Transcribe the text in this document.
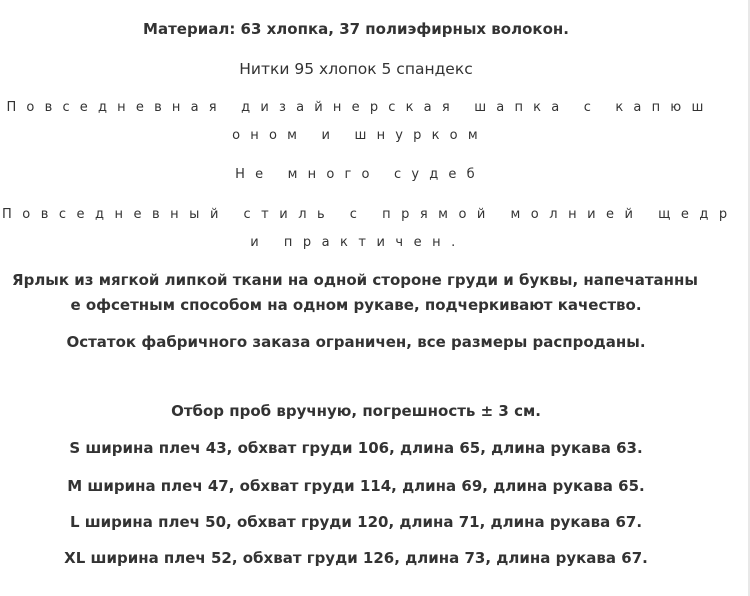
Материал: 63 хлопка, 37 полиэфирных волокон.
Нитки 95 хлопок 5 спандекс
Повседневная дизайнерская шапка с капюш
оном и шнурком
Не много судеб
Повседневный стиль с прямой молнией щедр
и практичен.
Ярлык из мягкой липкой ткани на одной стороне груди и буквы, напечатанны
е офсетным способом на одном рукаве, подчеркивают качество.
Остаток фабричного заказа ограничен, все размеры распроданы.
Отбор проб вручную, погрешность ± 3 см.
S ширина плеч 43, обхват груди 106, длина 65, длина рукава 63.
M ширина плеч 47, обхват груди 114, длина 69, длина рукава 65.
L ширина плеч 50, обхват груди 120, длина 71, длина рукава 67.
XL ширина плеч 52, обхват груди 126, длина 73, длина рукава 67.
